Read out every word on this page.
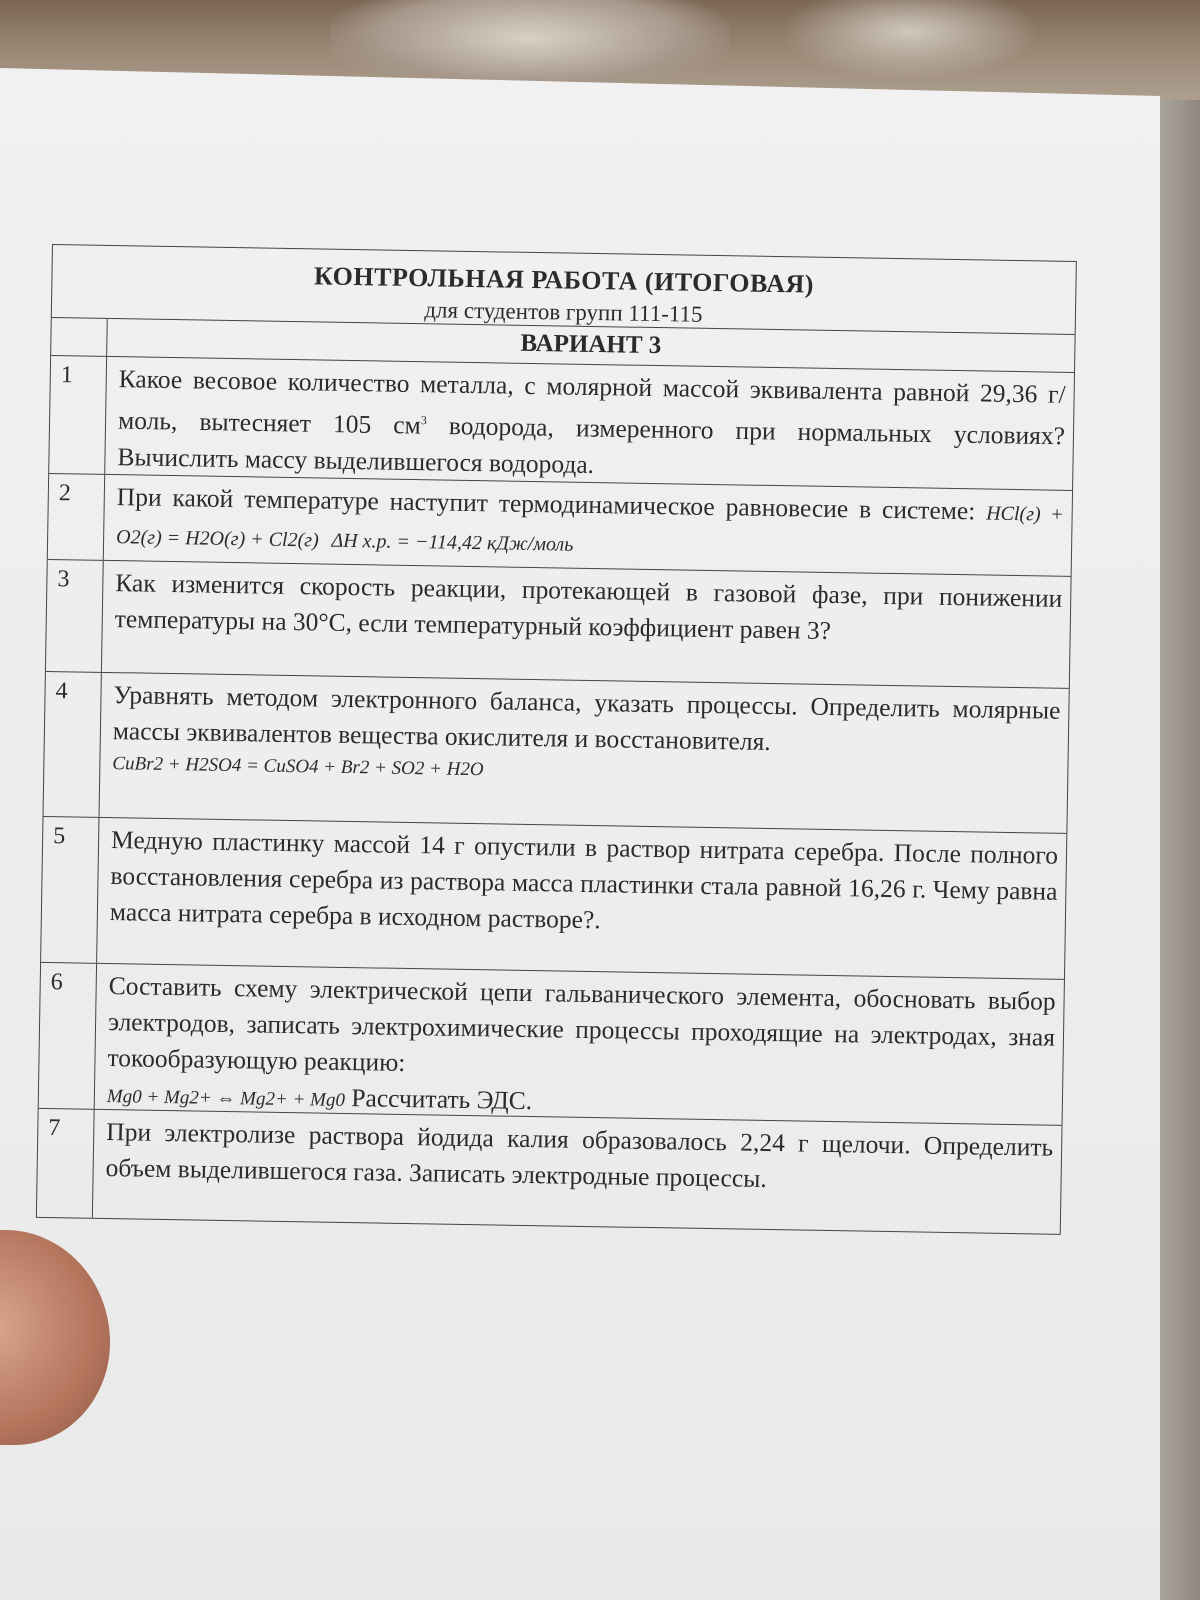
КОНТРОЛЬНАЯ РАБОТА (ИТОГОВАЯ)
для студентов групп 111-115
ВАРИАНТ 3
1	Какое весовое количество металла, с молярной массой эквивалента равной 29,36 г/моль, вытесняет 105 $см^3$ водорода, измеренного при нормальных условиях? Вычислить массу выделившегося водорода.
2	При какой температуре наступит термодинамическое равновесие в системе: HCl(г) + O2(г) = H2O(г) + Cl2(г) ΔH х.р. = −114,42 кДж/моль
3	Как изменится скорость реакции, протекающей в газовой фазе, при понижении температуры на 30°C, если температурный коэффициент равен 3?
4	Уравнять методом электронного баланса, указать процессы. Определить молярные массы эквивалентов вещества окислителя и восстановителя.
CuBr2 + H2SO4 = CuSO4 + Br2 + SO2 + H2O
5	Медную пластинку массой 14 г опустили в раствор нитрата серебра. После полного восстановления серебра из раствора масса пластинки стала равной 16,26 г. Чему равна масса нитрата серебра в исходном растворе?.
6	Составить схему электрической цепи гальванического элемента, обосновать выбор электродов, записать электрохимические процессы проходящие на электродах, зная токообразующую реакцию:
Mg0 + Mg2+ ⇔ Mg2+ + Mg0 Рассчитать ЭДС.
7	При электролизе раствора йодида калия образовалось 2,24 г щелочи. Определить объем выделившегося газа. Записать электродные процессы.
